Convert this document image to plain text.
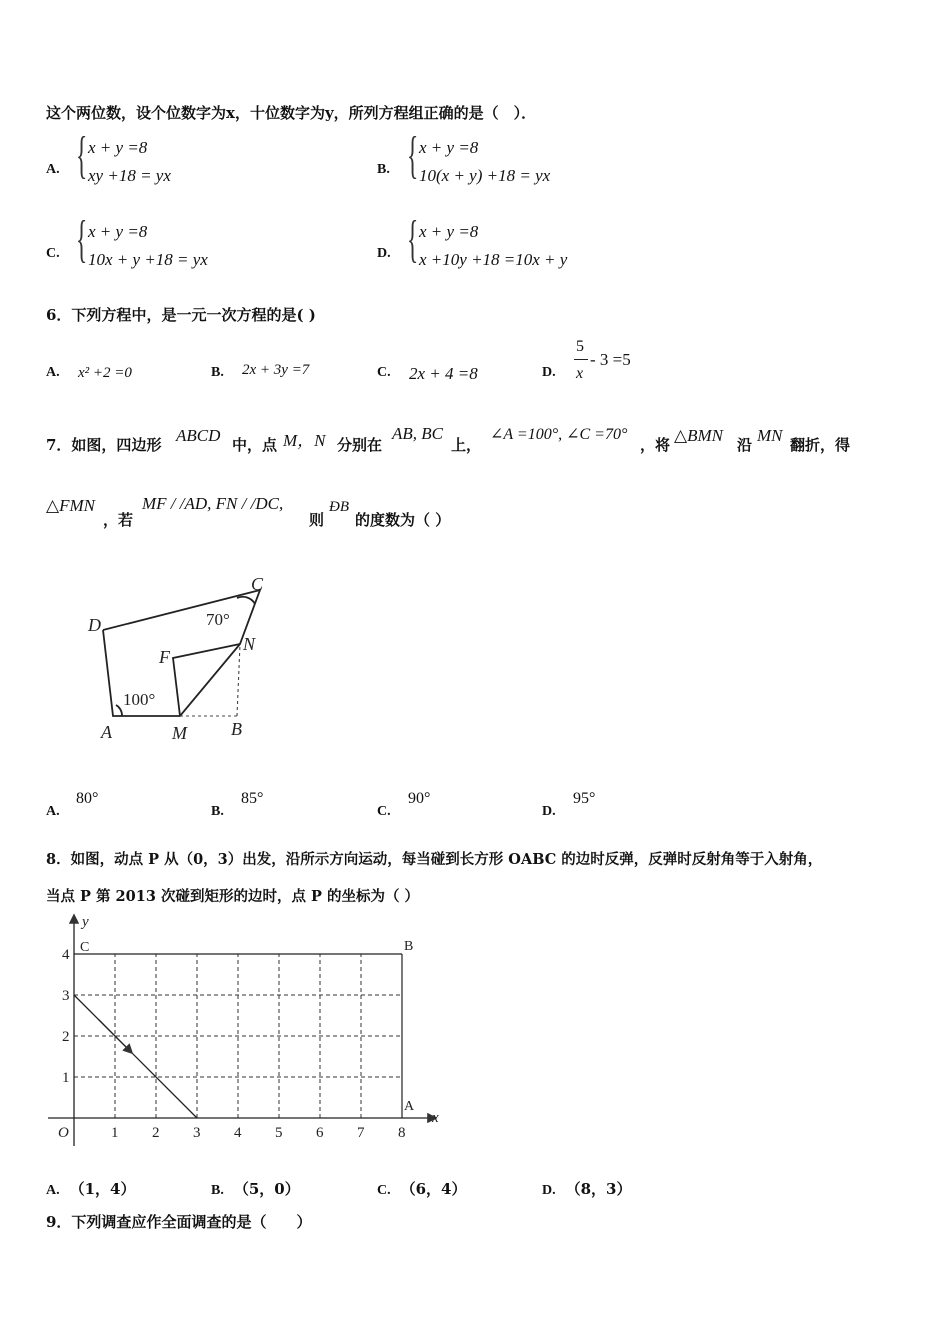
这个两位数，设个位数字为x，十位数字为y，所列方程组正确的是（　）．
A. { x + y =8
xy +18 = yx	B. { x + y =8
10(x + y) +18 = yx
C. { x + y =8
10x + y +18 = yx	D. { x + y =8
x +10y +18 =10x + y
6．下列方程中，是一元一次方程的是( )
A. x² +2 =0	B. 2x + 3y =7	C. 2x + 4 =8	D.
5
x
- 3 =5
7．如图，四边形 ABCD 中，点 M，N 分别在
AB, BC
上，
∠A =100°, ∠C =70°
，将 △BMN 沿 MN 翻折，得
△FMN
，若
MF / /AD, FN / /DC,
则
ÐB
的度数为（ ）
D
C
N
F
A	M B
100°
70°
A.
80°
B.
85°
C.
90°
D.
95°
8．如图，动点 P 从（0，3）出发，沿所示方向运动，每当碰到长方形 OABC 的边时反弹，反弹时反射角等于入射角，
当点 P 第 2013 次碰到矩形的边时，点 P 的坐标为（ ）
1 2 3 4 5 6 7 8
1
2
3
4
O
x
y
C	B
A
A. （1，4）	B. （5，0）	C. （6，4）	D. （8，3）
9．下列调查应作全面调查的是（　　）
